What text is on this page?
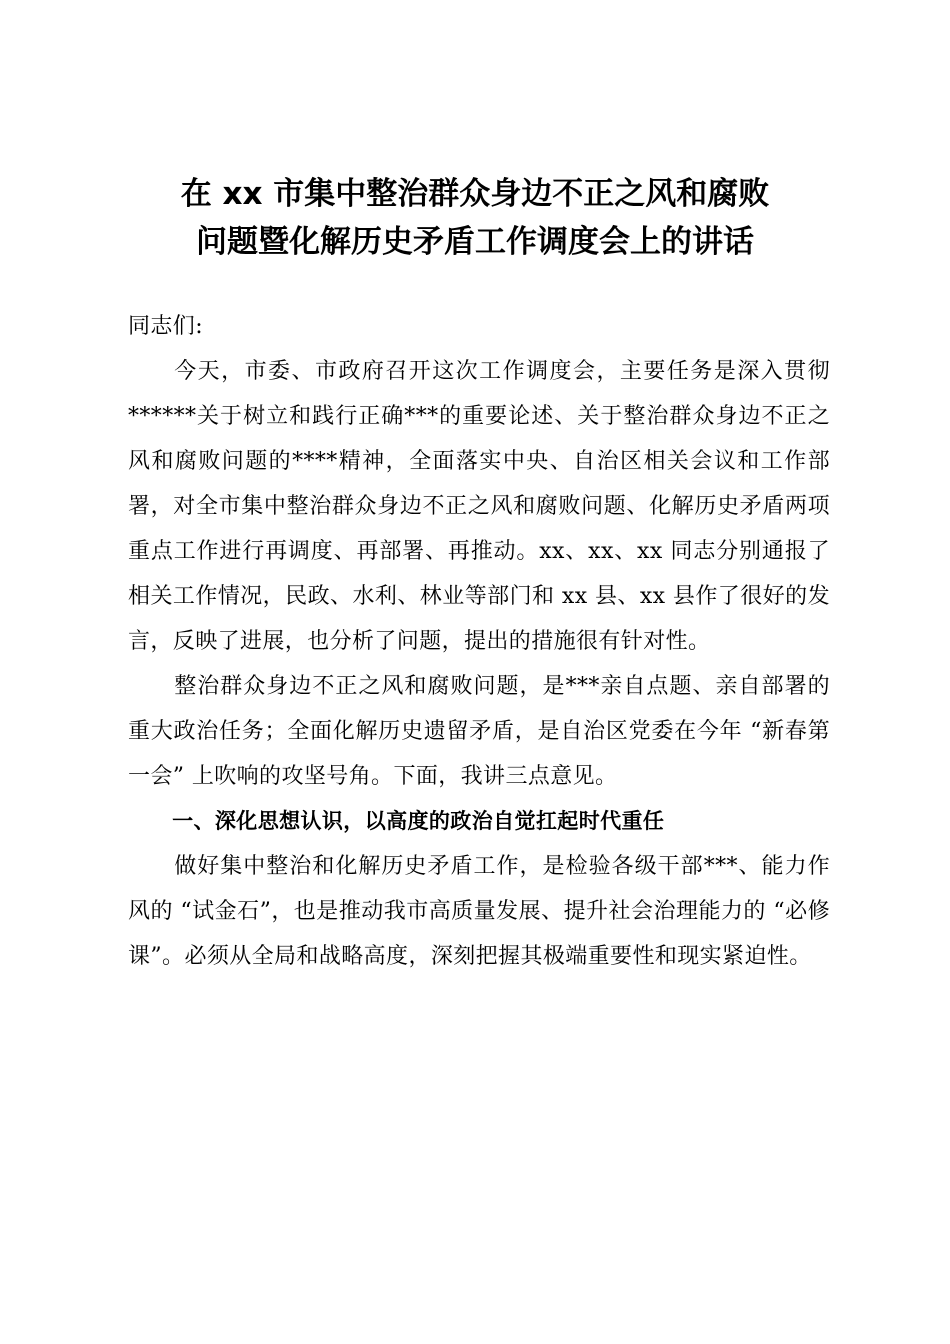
在 xx 市集中整治群众身边不正之风和腐败
问题暨化解历史矛盾工作调度会上的讲话

同志们:

今天，市委、市政府召开这次工作调度会，主要任务是深入贯彻******关于树立和践行正确***的重要论述、关于整治群众身边不正之风和腐败问题的****精神，全面落实中央、自治区相关会议和工作部署，对全市集中整治群众身边不正之风和腐败问题、化解历史矛盾两项重点工作进行再调度、再部署、再推动。xx、xx、xx 同志分别通报了相关工作情况，民政、水利、林业等部门和 xx 县、xx 县作了很好的发言，反映了进展，也分析了问题，提出的措施很有针对性。

整治群众身边不正之风和腐败问题，是***亲自点题、亲自部署的重大政治任务；全面化解历史遗留矛盾，是自治区党委在今年 “新春第一会” 上吹响的攻坚号角。下面，我讲三点意见。

一、深化思想认识，以高度的政治自觉扛起时代重任

做好集中整治和化解历史矛盾工作，是检验各级干部***、能力作风的 “试金石”，也是推动我市高质量发展、提升社会治理能力的 “必修课”。必须从全局和战略高度，深刻把握其极端重要性和现实紧迫性。
